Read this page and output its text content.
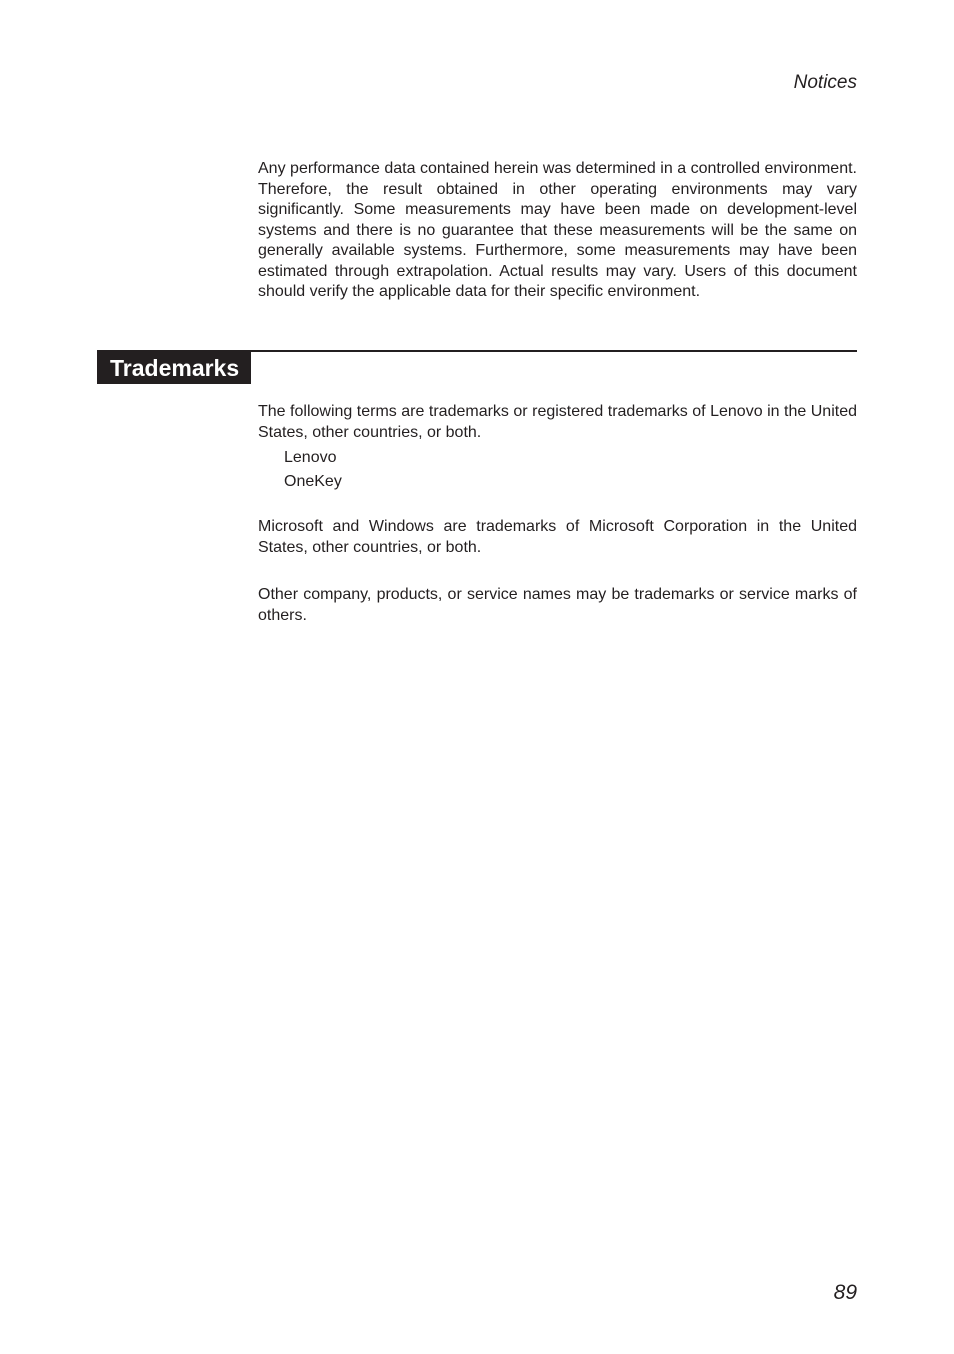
Notices

Any performance data contained herein was determined in a controlled environment. Therefore, the result obtained in other operating environments may vary significantly. Some measurements may have been made on development-level systems and there is no guarantee that these measurements will be the same on generally available systems. Furthermore, some measurements may have been estimated through extrapolation. Actual results may vary. Users of this document should verify the applicable data for their specific environment.

Trademarks

The following terms are trademarks or registered trademarks of Lenovo in the United States, other countries, or both.

Lenovo
OneKey

Microsoft and Windows are trademarks of Microsoft Corporation in the United States, other countries, or both.

Other company, products, or service names may be trademarks or service marks of others.

89
